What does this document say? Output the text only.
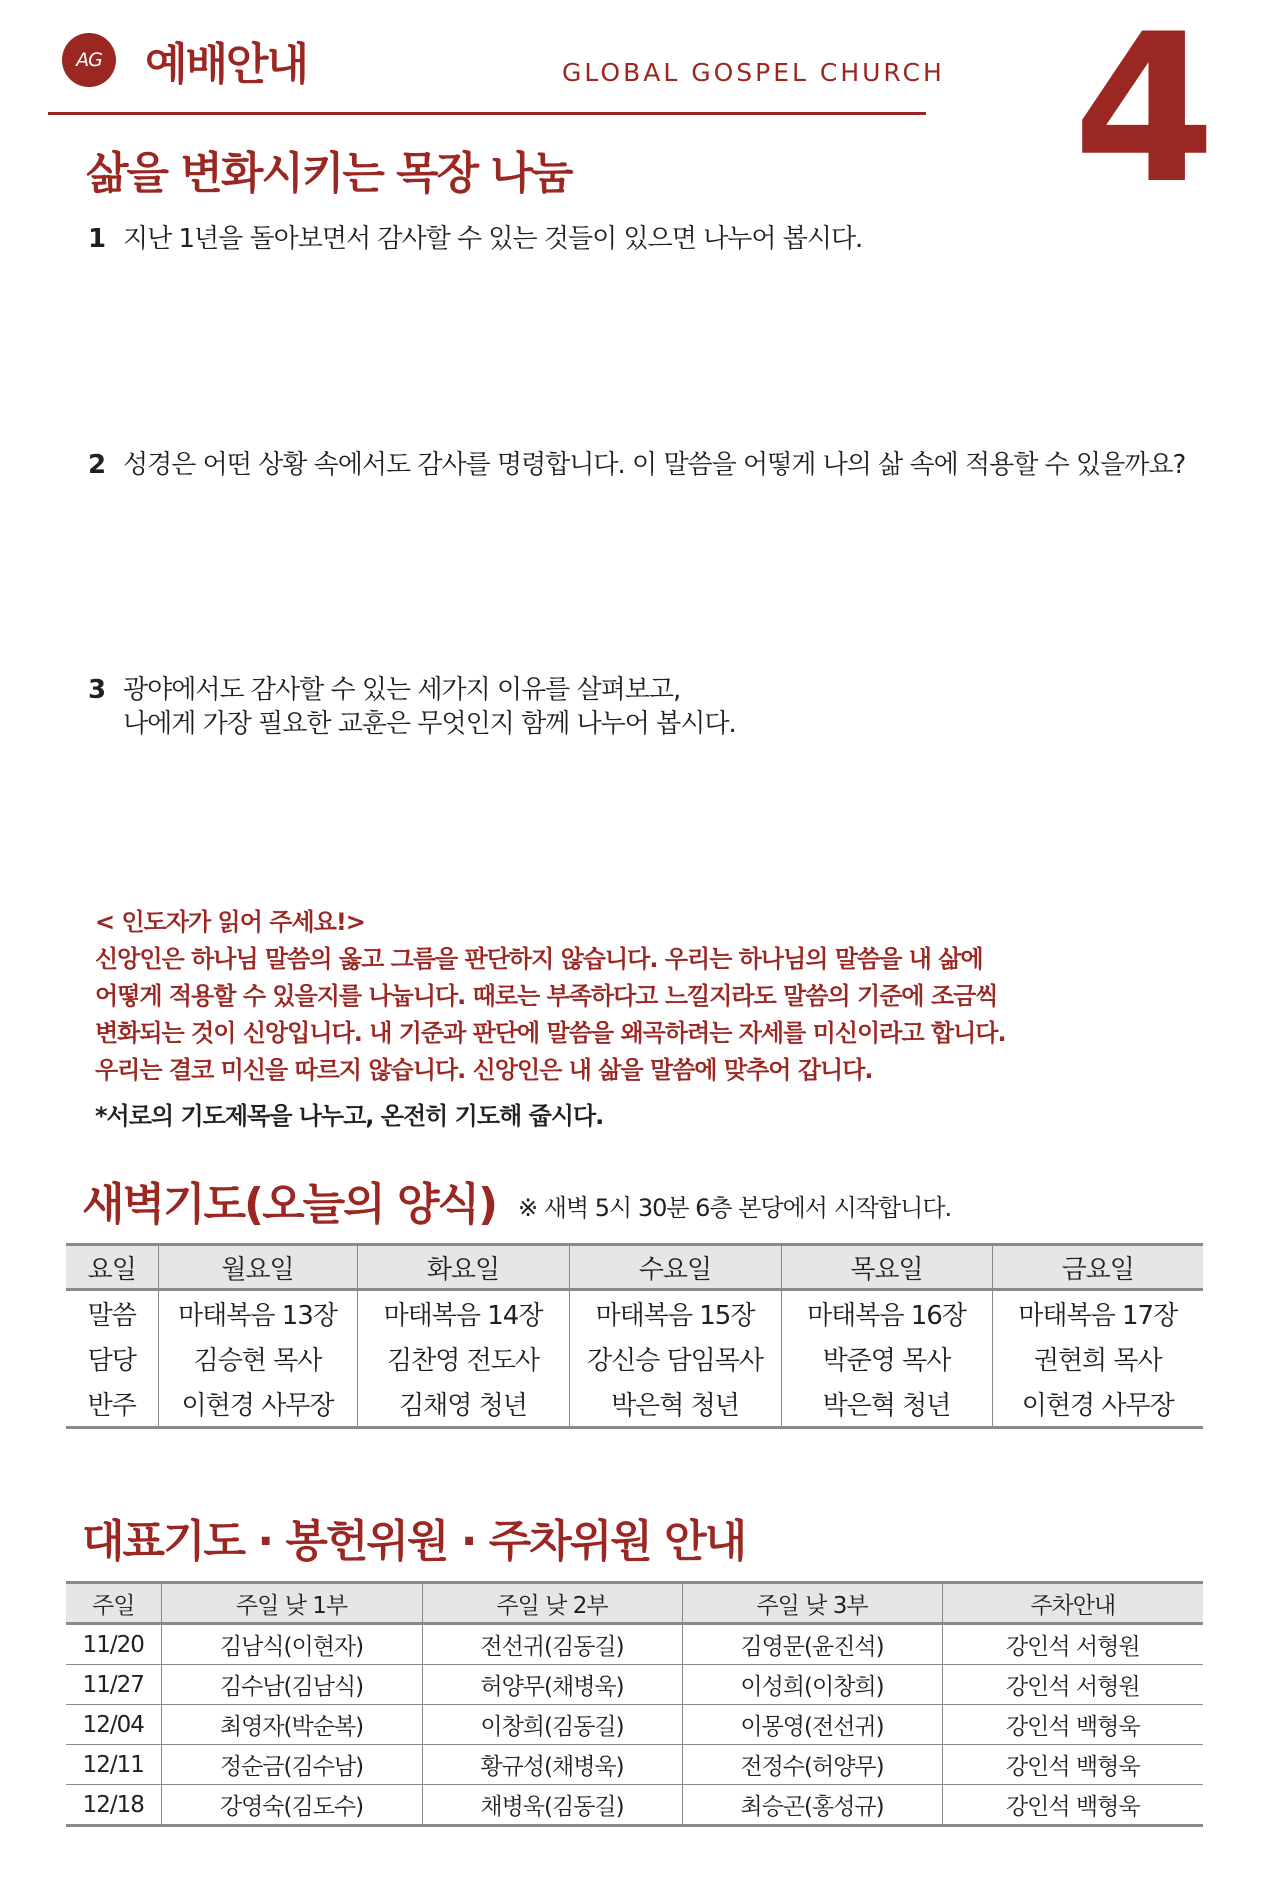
AG 예배안내	GLOBAL GOSPEL CHURCH 4
삶을 변화시키는 목장 나눔
1 지난 1년을 돌아보면서 감사할 수 있는 것들이 있으면 나누어 봅시다.
2 성경은 어떤 상황 속에서도 감사를 명령합니다. 이 말씀을 어떻게 나의 삶 속에 적용할 수 있을까요?
3 광야에서도 감사할 수 있는 세가지 이유를 살펴보고,
나에게 가장 필요한 교훈은 무엇인지 함께 나누어 봅시다.
< 인도자가 읽어 주세요!>
신앙인은 하나님 말씀의 옳고 그름을 판단하지 않습니다. 우리는 하나님의 말씀을 내 삶에
어떻게 적용할 수 있을지를 나눕니다. 때로는 부족하다고 느낄지라도 말씀의 기준에 조금씩
변화되는 것이 신앙입니다. 내 기준과 판단에 말씀을 왜곡하려는 자세를 미신이라고 합니다.
우리는 결코 미신을 따르지 않습니다. 신앙인은 내 삶을 말씀에 맞추어 갑니다.
*서로의 기도제목을 나누고, 온전히 기도해 줍시다.
새벽기도(오늘의 양식) ※ 새벽 5시 30분 6층 본당에서 시작합니다.
요일	월요일	화요일	수요일	목요일	금요일
말씀	마태복음 13장	마태복음 14장	마태복음 15장	마태복음 16장	마태복음 17장
담당	김승현 목사	김찬영 전도사	강신승 담임목사	박준영 목사	권현희 목사
반주	이현경 사무장	김채영 청년	박은혁 청년	박은혁 청년	이현경 사무장
대표기도 · 봉헌위원 · 주차위원 안내
주일	주일 낮 1부	주일 낮 2부	주일 낮 3부	주차안내
11/20	김남식(이현자)	전선귀(김동길)	김영문(윤진석)	강인석 서형원
11/27	김수남(김남식)	허양무(채병욱)	이성희(이창희)	강인석 서형원
12/04	최영자(박순복)	이창희(김동길)	이몽영(전선귀)	강인석 백형욱
12/11	정순금(김수남)	황규성(채병욱)	전정수(허양무)	강인석 백형욱
12/18	강영숙(김도수)	채병욱(김동길)	최승곤(홍성규)	강인석 백형욱
